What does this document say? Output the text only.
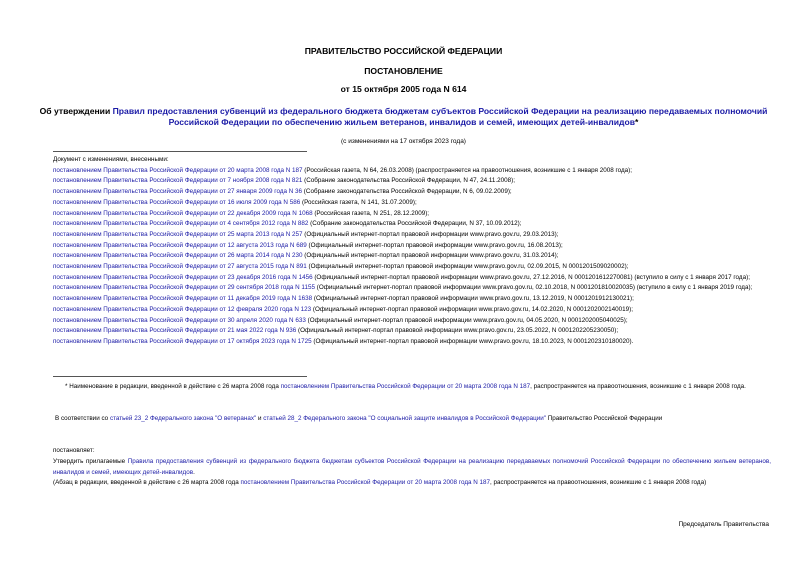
ПРАВИТЕЛЬСТВО РОССИЙСКОЙ ФЕДЕРАЦИИ
ПОСТАНОВЛЕНИЕ
от 15 октября 2005 года N 614
Об утверждении Правил предоставления субвенций из федерального бюджета бюджетам субъектов Российской Федерации на реализацию передаваемых полномочий Российской Федерации по обеспечению жильем ветеранов, инвалидов и семей, имеющих детей-инвалидов*
(с изменениями на 17 октября 2023 года)
Документ с изменениями, внесенными:
постановлением Правительства Российской Федерации от 20 марта 2008 года N 187 (Российская газета, N 64, 26.03.2008) (распространяется на правоотношения, возникшие с 1 января 2008 года);
постановлением Правительства Российской Федерации от 7 ноября 2008 года N 821 (Собрание законодательства Российской Федерации, N 47, 24.11.2008);
постановлением Правительства Российской Федерации от 27 января 2009 года N 36 (Собрание законодательства Российской Федерации, N 6, 09.02.2009);
постановлением Правительства Российской Федерации от 16 июля 2009 года N 586 (Российская газета, N 141, 31.07.2009);
постановлением Правительства Российской Федерации от 22 декабря 2009 года N 1068 (Российская газета, N 251, 28.12.2009);
постановлением Правительства Российской Федерации от 4 сентября 2012 года N 882 (Собрание законодательства Российской Федерации, N 37, 10.09.2012);
постановлением Правительства Российской Федерации от 25 марта 2013 года N 257 (Официальный интернет-портал правовой информации www.pravo.gov.ru, 29.03.2013);
постановлением Правительства Российской Федерации от 12 августа 2013 года N 689 (Официальный интернет-портал правовой информации www.pravo.gov.ru, 16.08.2013);
постановлением Правительства Российской Федерации от 26 марта 2014 года N 230 (Официальный интернет-портал правовой информации www.pravo.gov.ru, 31.03.2014);
постановлением Правительства Российской Федерации от 27 августа 2015 года N 891 (Официальный интернет-портал правовой информации www.pravo.gov.ru, 02.09.2015, N 0001201509020002);
постановлением Правительства Российской Федерации от 23 декабря 2016 года N 1456 (Официальный интернет-портал правовой информации www.pravo.gov.ru, 27.12.2016, N 0001201612270081) (вступило в силу с 1 января 2017 года);
постановлением Правительства Российской Федерации от 29 сентября 2018 года N 1155 (Официальный интернет-портал правовой информации www.pravo.gov.ru, 02.10.2018, N 0001201810020035) (вступило в силу с 1 января 2019 года);
постановлением Правительства Российской Федерации от 11 декабря 2019 года N 1638 (Официальный интернет-портал правовой информации www.pravo.gov.ru, 13.12.2019, N 0001201912130021);
постановлением Правительства Российской Федерации от 12 февраля 2020 года N 123 (Официальный интернет-портал правовой информации www.pravo.gov.ru, 14.02.2020, N 0001202002140019);
постановлением Правительства Российской Федерации от 30 апреля 2020 года N 633 (Официальный интернет-портал правовой информации www.pravo.gov.ru, 04.05.2020, N 0001202005040025);
постановлением Правительства Российской Федерации от 21 мая 2022 года N 936 (Официальный интернет-портал правовой информации www.pravo.gov.ru, 23.05.2022, N 0001202205230050);
постановлением Правительства Российской Федерации от 17 октября 2023 года N 1725 (Официальный интернет-портал правовой информации www.pravo.gov.ru, 18.10.2023, N 0001202310180020).
* Наименование в редакции, введенной в действие с 26 марта 2008 года постановлением Правительства Российской Федерации от 20 марта 2008 года N 187, распространяется на правоотношения, возникшие с 1 января 2008 года.
В соответствии со статьей 23_2 Федерального закона "О ветеранах" и статьей 28_2 Федерального закона "О социальной защите инвалидов в Российской Федерации" Правительство Российской Федерации
постановляет:
Утвердить прилагаемые Правила предоставления субвенций из федерального бюджета бюджетам субъектов Российской Федерации на реализацию передаваемых полномочий Российской Федерации по обеспечению жильем ветеранов, инвалидов и семей, имеющих детей-инвалидов.
(Абзац в редакции, введенной в действие с 26 марта 2008 года постановлением Правительства Российской Федерации от 20 марта 2008 года N 187, распространяется на правоотношения, возникшие с 1 января 2008 года)
Председатель Правительства
